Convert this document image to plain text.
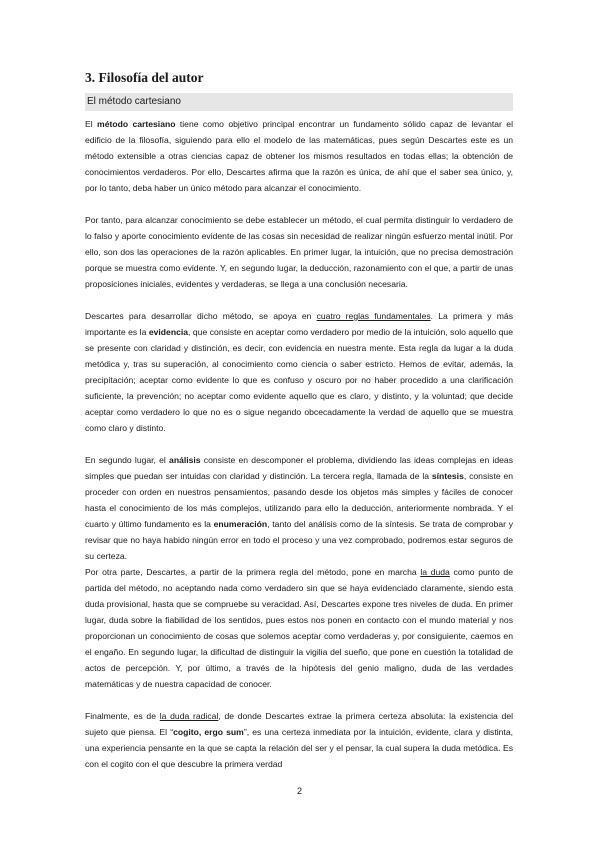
3. Filosofía del autor
El método cartesiano

El método cartesiano tiene como objetivo principal encontrar un fundamento sólido capaz de levantar el edificio de la filosofía, siguiendo para ello el modelo de las matemáticas, pues según Descartes este es un método extensible a otras ciencias capaz de obtener los mismos resultados en todas ellas; la obtención de conocimientos verdaderos. Por ello, Descartes afirma que la razón es única, de ahí que el saber sea único, y, por lo tanto, deba haber un único método para alcanzar el conocimiento.

Por tanto, para alcanzar conocimiento se debe establecer un método, el cual permita distinguir lo verdadero de lo falso y aporte conocimiento evidente de las cosas sin necesidad de realizar ningún esfuerzo mental inútil. Por ello, son dos las operaciones de la razón aplicables. En primer lugar, la intuición, que no precisa demostración porque se muestra como evidente. Y, en segundo lugar, la deducción, razonamiento con el que, a partir de unas proposiciones iniciales, evidentes y verdaderas, se llega a una conclusión necesaria.

Descartes para desarrollar dicho método, se apoya en cuatro reglas fundamentales. La primera y más importante es la evidencia, que consiste en aceptar como verdadero por medio de la intuición, solo aquello que se presente con claridad y distinción, es decir, con evidencia en nuestra mente. Esta regla da lugar a la duda metódica y, tras su superación, al conocimiento como ciencia o saber estricto. Hemos de evitar, además, la precipitación; aceptar como evidente lo que es confuso y oscuro por no haber procedido a una clarificación suficiente, la prevención; no aceptar como evidente aquello que es claro, y distinto, y la voluntad; que decide aceptar como verdadero lo que no es o sigue negando obcecadamente la verdad de aquello que se muestra como claro y distinto.

En segundo lugar, el análisis consiste en descomponer el problema, dividiendo las ideas complejas en ideas simples que puedan ser intuidas con claridad y distinción. La tercera regla, llamada de la síntesis, consiste en proceder con orden en nuestros pensamientos, pasando desde los objetos más simples y fáciles de conocer hasta el conocimiento de los más complejos, utilizando para ello la deducción, anteriormente nombrada. Y el cuarto y último fundamento es la enumeración, tanto del análisis como de la síntesis. Se trata de comprobar y revisar que no haya habido ningún error en todo el proceso y una vez comprobado, podremos estar seguros de su certeza.

Por otra parte, Descartes, a partir de la primera regla del método, pone en marcha la duda como punto de partida del método, no aceptando nada como verdadero sin que se haya evidenciado claramente, siendo esta duda provisional, hasta que se compruebe su veracidad. Así, Descartes expone tres niveles de duda. En primer lugar, duda sobre la fiabilidad de los sentidos, pues estos nos ponen en contacto con el mundo material y nos proporcionan un conocimiento de cosas que solemos aceptar como verdaderas y, por consiguiente, caemos en el engaño. En segundo lugar, la dificultad de distinguir la vigilia del sueño, que pone en cuestión la totalidad de actos de percepción. Y, por último, a través de la hipótesis del genio maligno, duda de las verdades matemáticas y de nuestra capacidad de conocer.

Finalmente, es de la duda radical, de donde Descartes extrae la primera certeza absoluta: la existencia del sujeto que piensa. El “cogito, ergo sum”, es una certeza inmediata por la intuición, evidente, clara y distinta, una experiencia pensante en la que se capta la relación del ser y el pensar, la cual supera la duda metódica. Es con el cogito con el que descubre la primera verdad

2
